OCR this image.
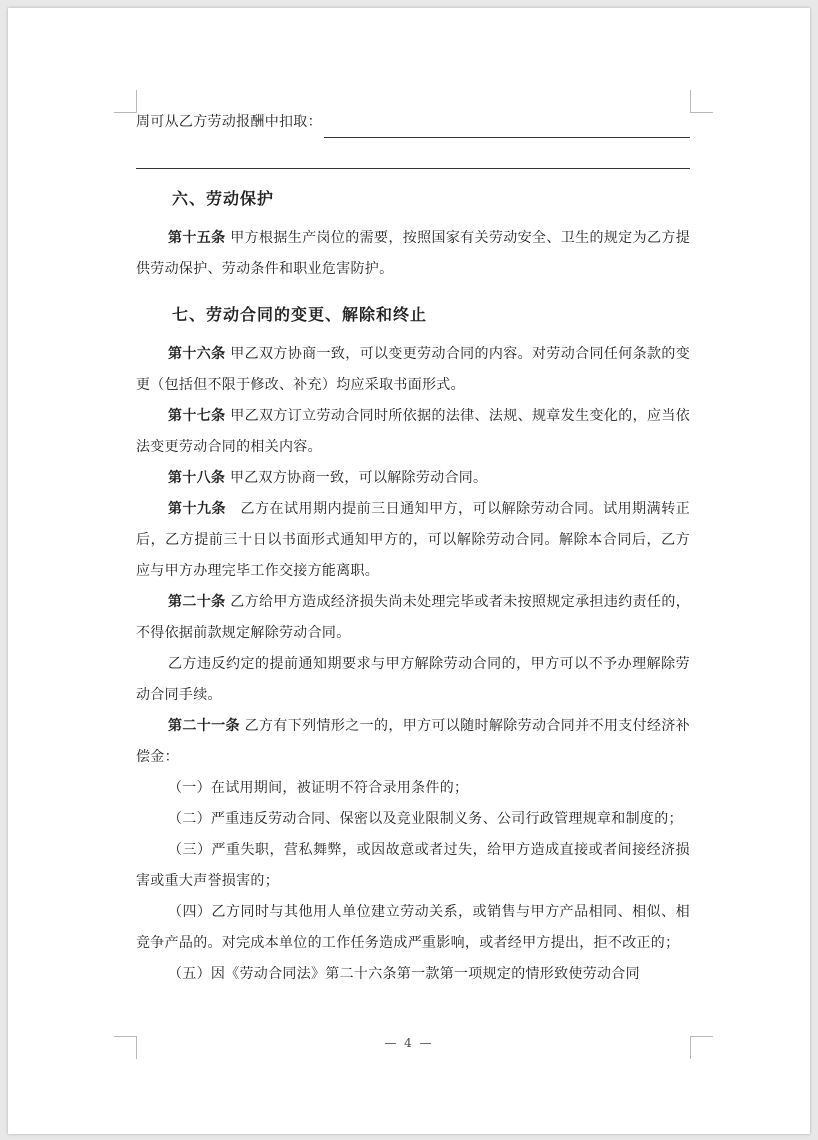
周可从乙方劳动报酬中扣取：
六、劳动保护

第十五条 甲方根据生产岗位的需要，按照国家有关劳动安全、卫生的规定为乙方提供劳动保护、劳动条件和职业危害防护。

七、劳动合同的变更、解除和终止

第十六条 甲乙双方协商一致，可以变更劳动合同的内容。对劳动合同任何条款的变更（包括但不限于修改、补充）均应采取书面形式。

第十七条 甲乙双方订立劳动合同时所依据的法律、法规、规章发生变化的，应当依法变更劳动合同的相关内容。

第十八条 甲乙双方协商一致，可以解除劳动合同。

第十九条　乙方在试用期内提前三日通知甲方，可以解除劳动合同。试用期满转正后，乙方提前三十日以书面形式通知甲方的，可以解除劳动合同。解除本合同后，乙方应与甲方办理完毕工作交接方能离职。

第二十条 乙方给甲方造成经济损失尚未处理完毕或者未按照规定承担违约责任的，不得依据前款规定解除劳动合同。

乙方违反约定的提前通知期要求与甲方解除劳动合同的，甲方可以不予办理解除劳动合同手续。

第二十一条 乙方有下列情形之一的，甲方可以随时解除劳动合同并不用支付经济补偿金：

（一）在试用期间，被证明不符合录用条件的；

（二）严重违反劳动合同、保密以及竞业限制义务、公司行政管理规章和制度的；

（三）严重失职，营私舞弊，或因故意或者过失，给甲方造成直接或者间接经济损害或重大声誉损害的；

（四）乙方同时与其他用人单位建立劳动关系，或销售与甲方产品相同、相似、相竞争产品的。对完成本单位的工作任务造成严重影响，或者经甲方提出，拒不改正的；

（五）因《劳动合同法》第二十六条第一款第一项规定的情形致使劳动合同

— 4 —
